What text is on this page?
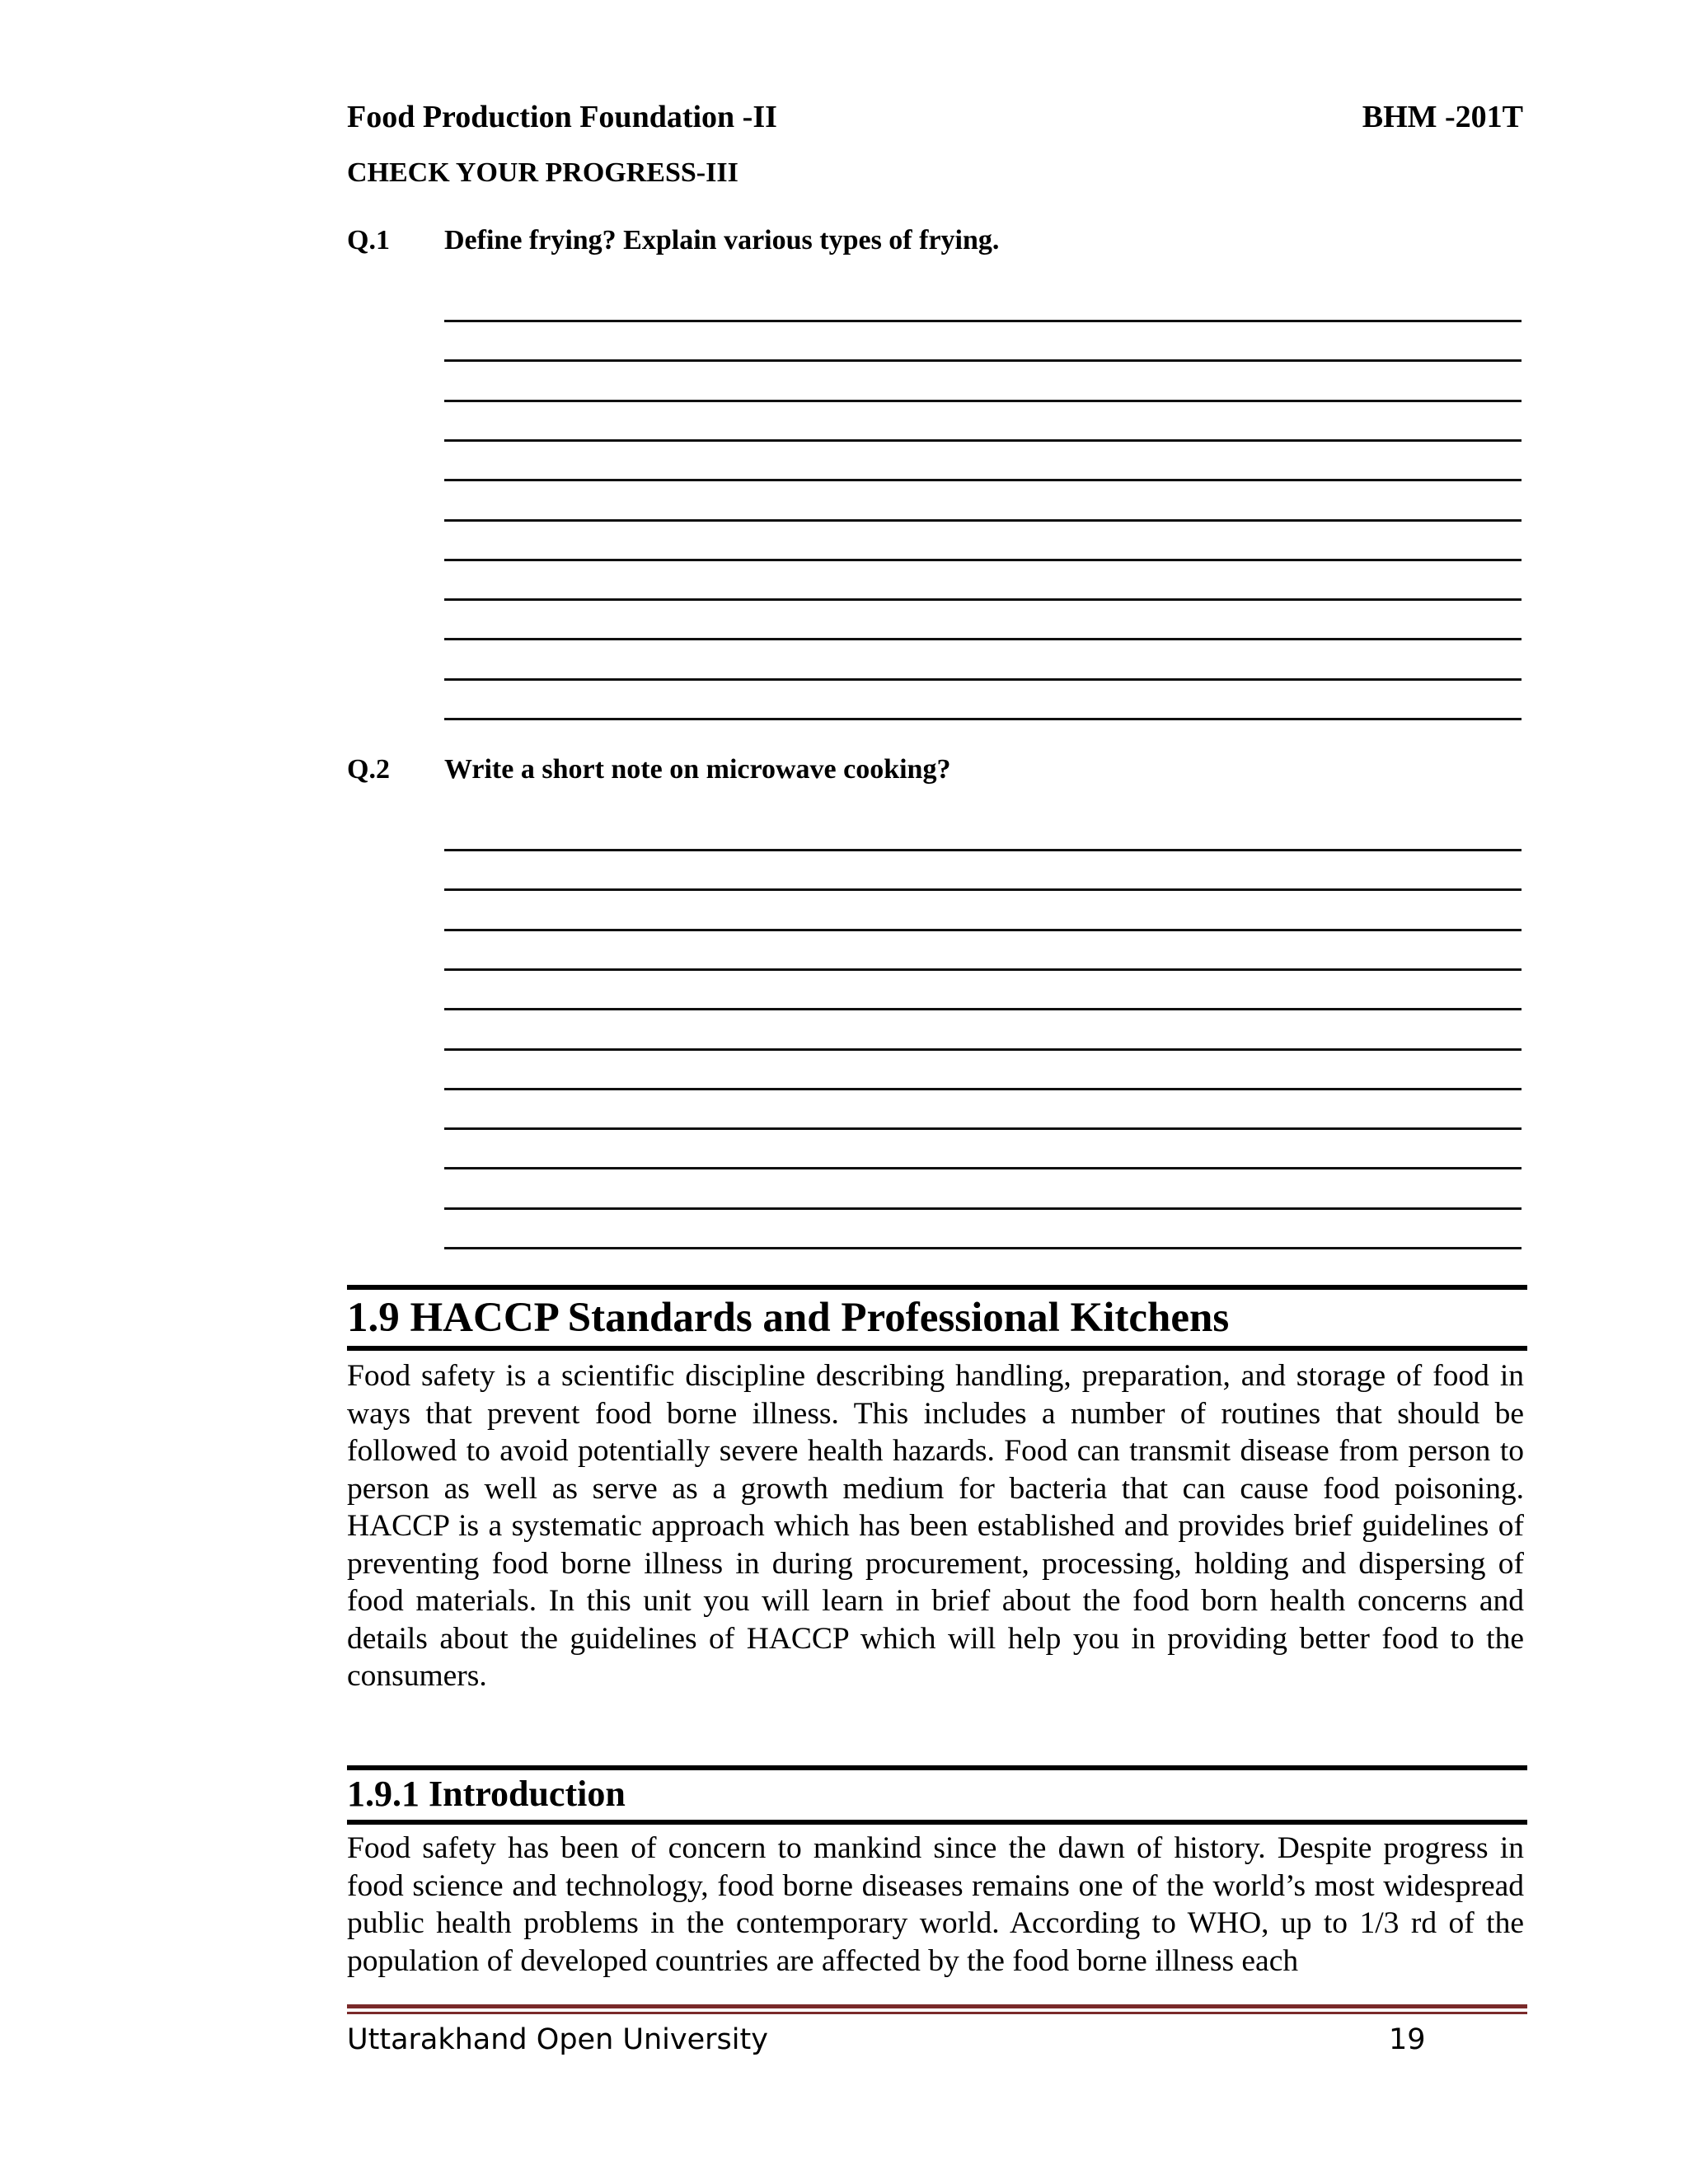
Food Production Foundation -II	BHM -201T
CHECK YOUR PROGRESS-III
Q.1 Define frying? Explain various types of frying.
Q.2 Write a short note on microwave cooking?
1.9 HACCP Standards and Professional Kitchens

Food safety is a scientific discipline describing handling, preparation, and storage of food in ways that prevent food borne illness. This includes a number of routines that should be followed to avoid potentially severe health hazards. Food can transmit disease from person to person as well as serve as a growth medium for bacteria that can cause food poisoning. HACCP is a systematic approach which has been established and provides brief guidelines of preventing food borne illness in during procurement, processing, holding and dispersing of food materials. In this unit you will learn in brief about the food born health concerns and details about the guidelines of HACCP which will help you in providing better food to the consumers.

1.9.1 Introduction

Food safety has been of concern to mankind since the dawn of history. Despite progress in food science and technology, food borne diseases remains one of the world’s most widespread public health problems in the contemporary world. According to WHO, up to 1/3 rd of the population of developed countries are affected by the food borne illness each

Uttarakhand Open University	19
